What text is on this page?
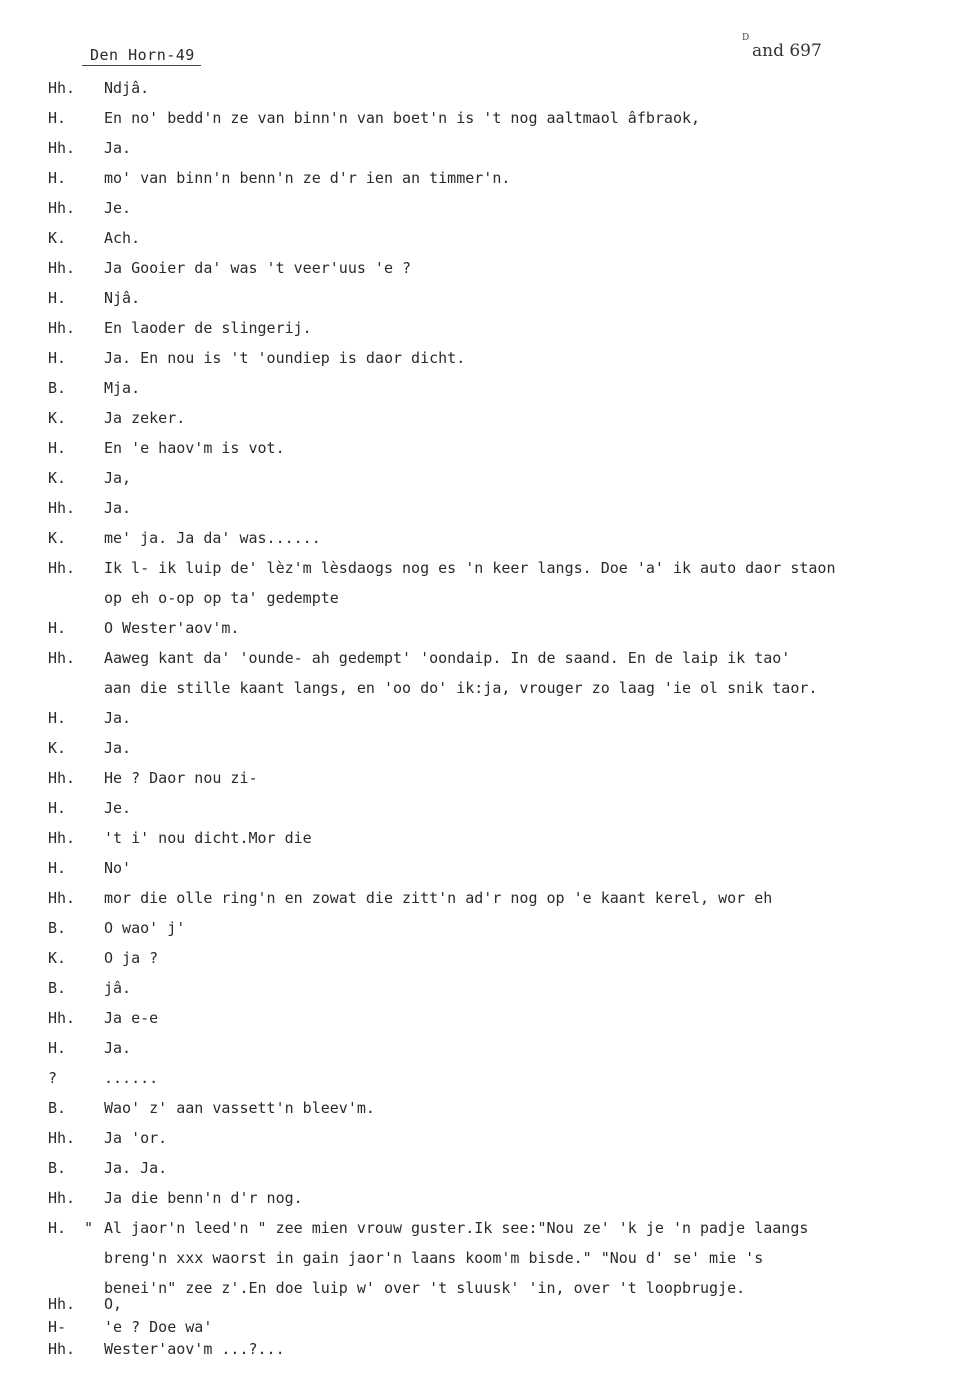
Den Horn-49
D
and 697
Hh. Ndjâ.
H.	En no' bedd'n ze van binn'n van boet'n is 't nog aaltmaol âfbraok,
Hh. Ja.
H.	mo' van binn'n benn'n ze d'r ien an timmer'n.
Hh. Je.
K.	Ach.
Hh. Ja Gooier da' was 't veer'uus 'e ?
H.	Njâ.
Hh. En laoder de slingerij.
H.	Ja. En nou is 't 'oundiep is daor dicht.
B.	Mja.
K.	Ja zeker.
H.	En 'e haov'm is vot.
K.	Ja,
Hh. Ja.
K.	me' ja. Ja da' was......
Hh. Ik l- ik luip de' lèz'm lèsdaogs nog es 'n keer langs. Doe 'a' ik auto daor staon
op eh o-op op ta' gedempte
H.	O Wester'aov'm.
Hh. Aaweg kant da' 'ounde- ah gedempt' 'oondaip. In de saand. En de laip ik tao'
aan die stille kaant langs, en 'oo do' ik:ja, vrouger zo laag 'ie ol snik taor.
H.	Ja.
K.	Ja.
Hh. He ? Daor nou zi-
H.	Je.
Hh. 't i' nou dicht.Mor die
H.	No'
Hh. mor die olle ring'n en zowat die zitt'n ad'r nog op 'e kaant kerel, wor eh
B.	O wao' j'
K.	O ja ?
B.	jâ.
Hh. Ja e-e
H.	Ja.
?	......
B.	Wao' z' aan vassett'n bleev'm.
Hh. Ja 'or.
B.	Ja. Ja.
Hh. Ja die benn'n d'r nog.
H. " Al jaor'n leed'n " zee mien vrouw guster.Ik see:"Nou ze' 'k je 'n padje laangs
breng'n xxx waorst in gain jaor'n laans koom'm bisde." "Nou d' se' mie 's
benei'n" zee z'.En doe luip w' over 't sluusk' 'in, over 't loopbrugje.
Hh. O,
H-	'e ? Doe wa'
Hh. Wester'aov'm ...?...
